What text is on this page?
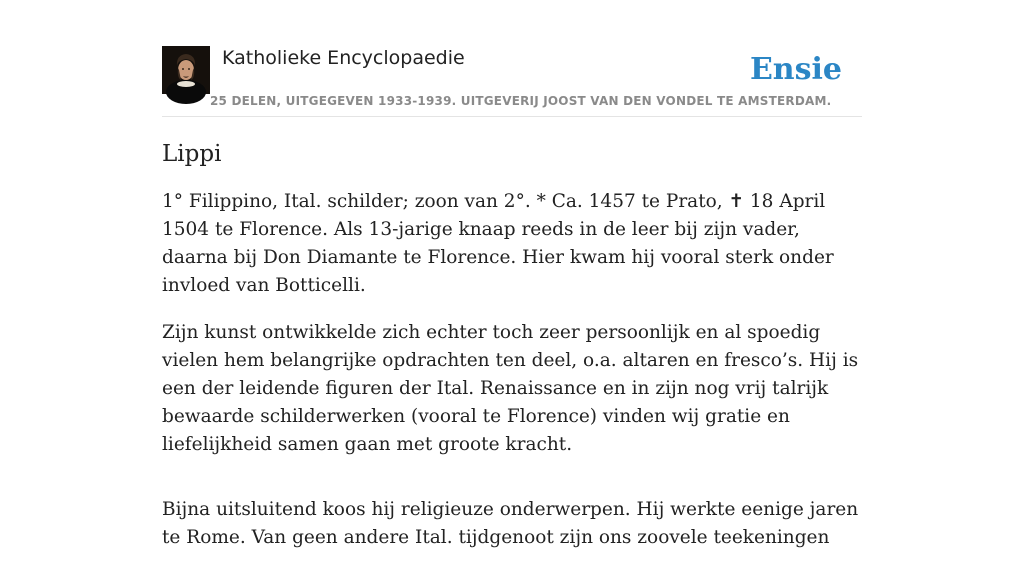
Katholieke Encyclopaedie	Ensie
25 DELEN, UITGEGEVEN 1933-1939. UITGEVERIJ JOOST VAN DEN VONDEL TE AMSTERDAM.
Lippi

1° Filippino, Ital. schilder; zoon van 2°. * Ca. 1457 te Prato, ✝ 18 April 1504 te Florence. Als 13-jarige knaap reeds in de leer bij zijn vader, daarna bij Don Diamante te Florence. Hier kwam hij vooral sterk onder invloed van Botticelli.

Zijn kunst ontwikkelde zich echter toch zeer persoonlijk en al spoedig vielen hem belangrijke opdrachten ten deel, o.a. altaren en fresco’s. Hij is een der leidende figuren der Ital. Renaissance en in zijn nog vrij talrijk bewaarde schilderwerken (vooral te Florence) vinden wij gratie en liefelijkheid samen gaan met groote kracht.

Bijna uitsluitend koos hij religieuze onderwerpen. Hij werkte eenige jaren te Rome. Van geen andere Ital. tijdgenoot zijn ons zoovele teekeningen
